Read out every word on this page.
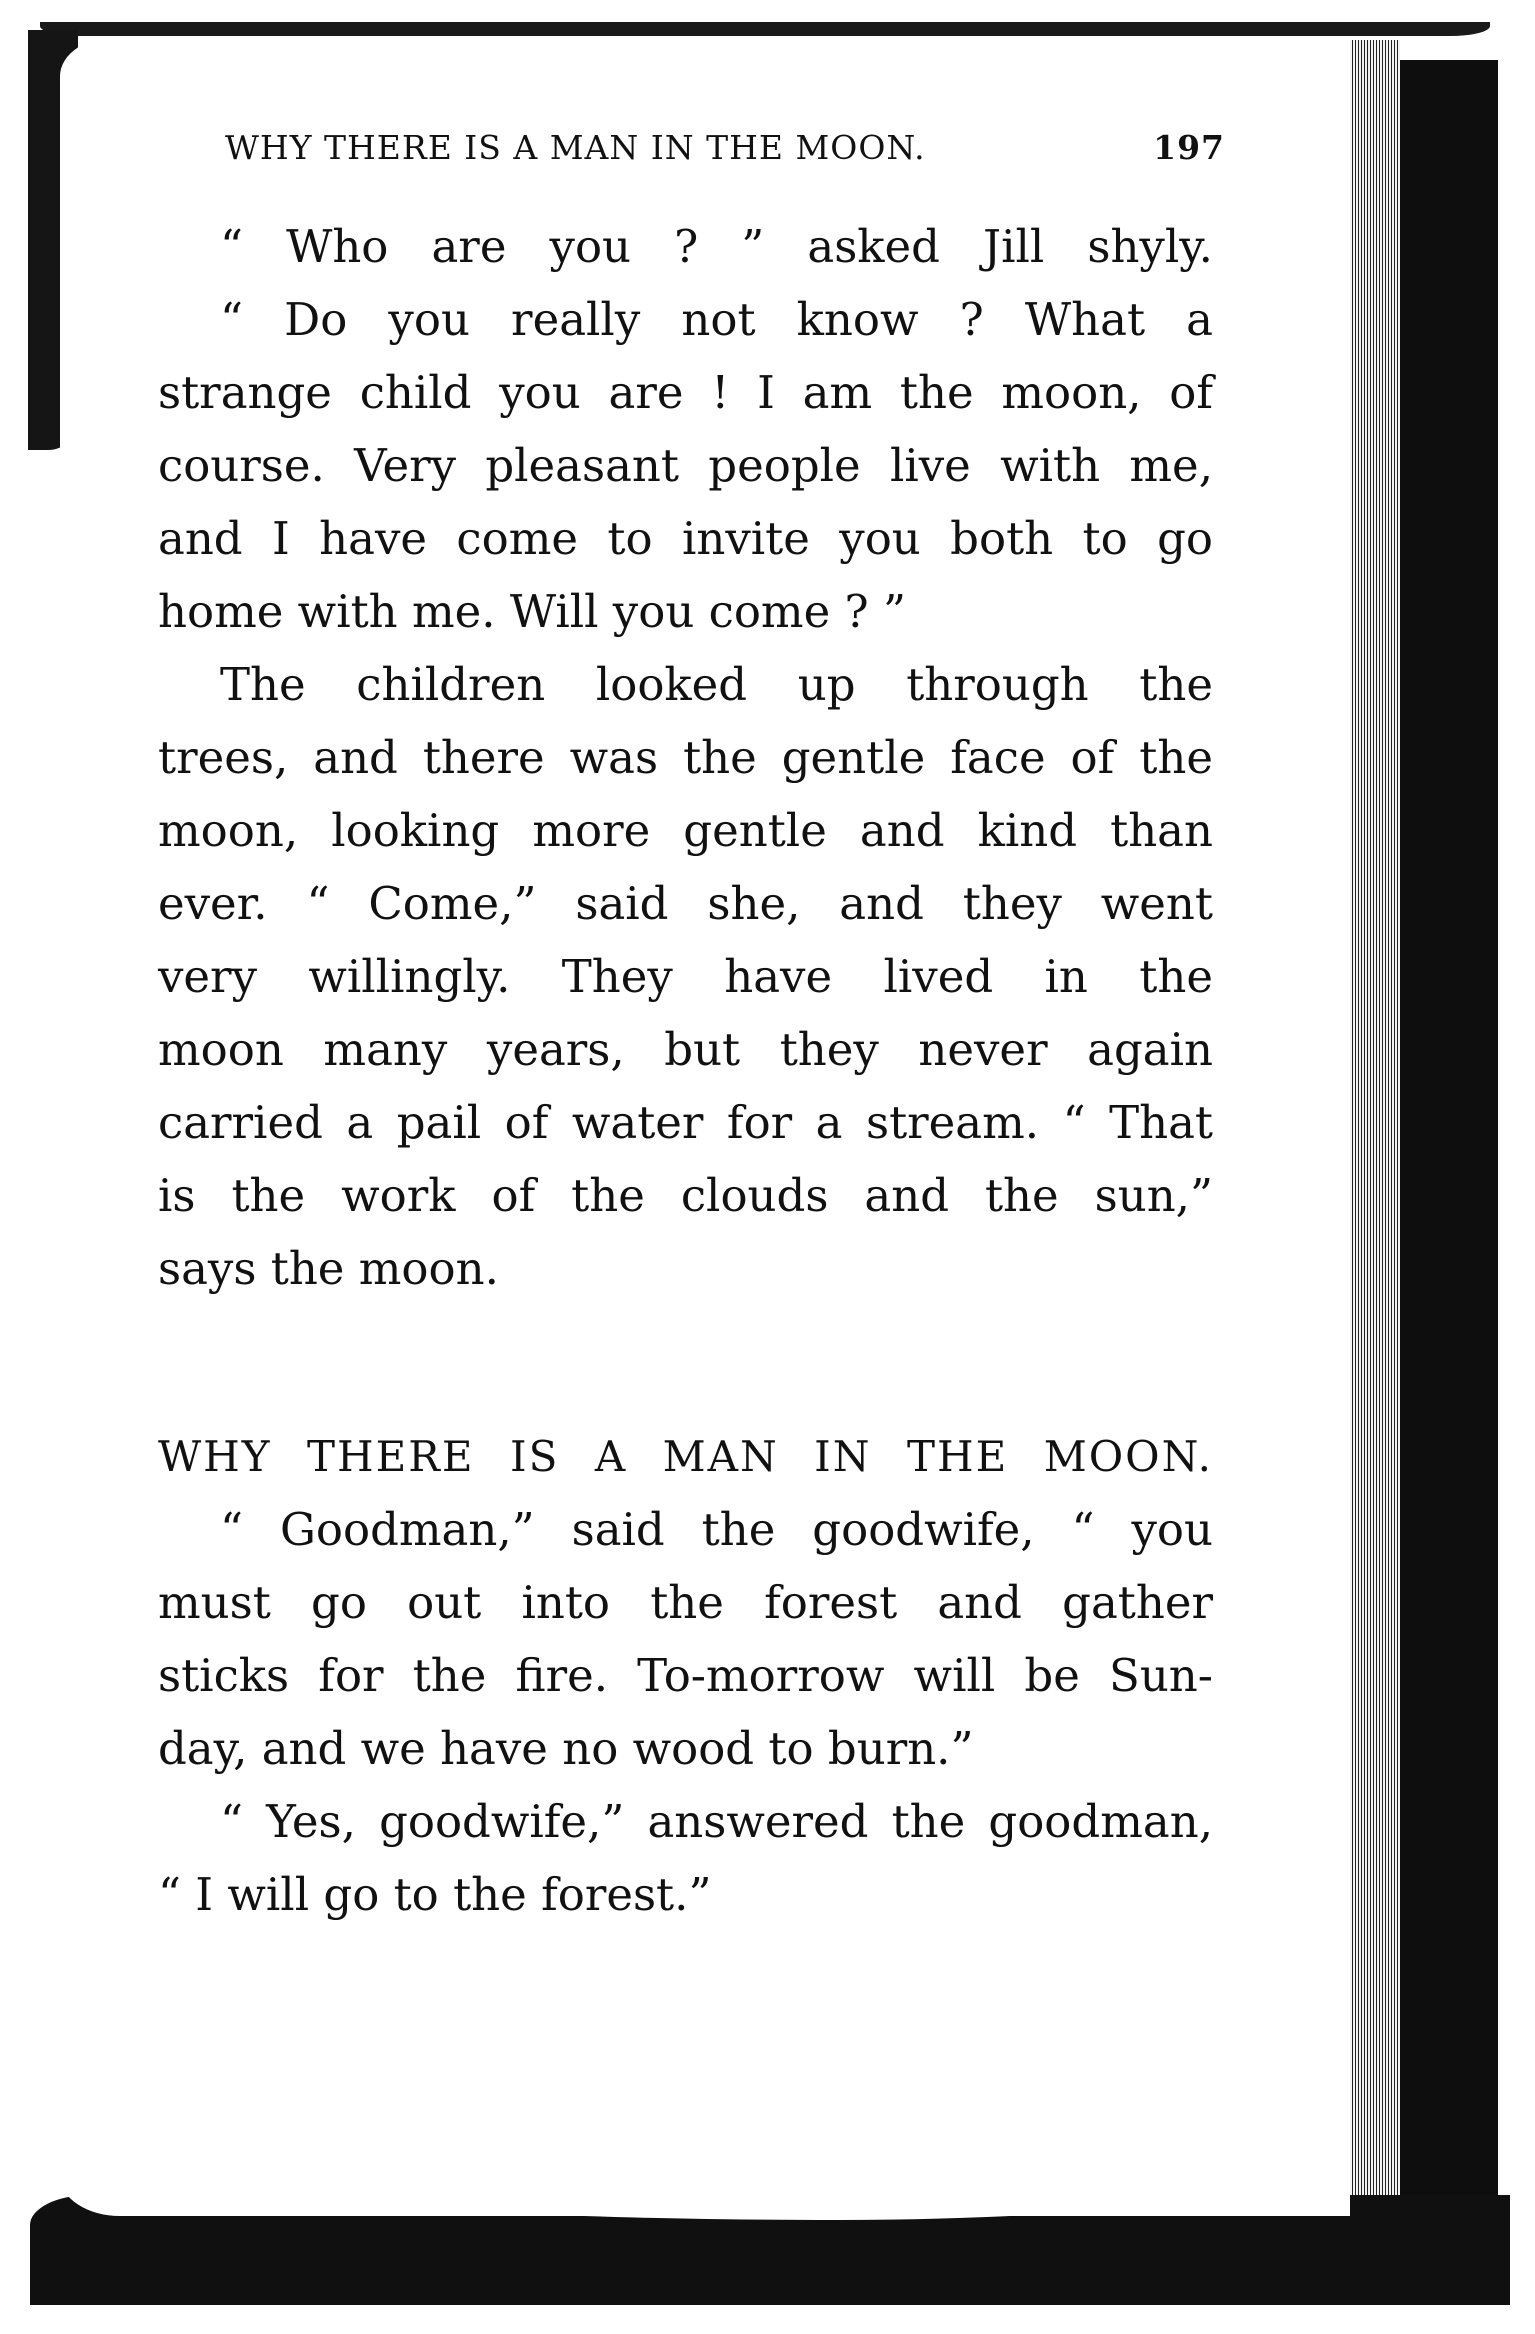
WHY THERE IS A MAN IN THE MOON.	197
“ Who are you ? ” asked Jill shyly.
“ Do you really not know ? What a
strange child you are ! I am the moon, of
course. Very pleasant people live with me,
and I have come to invite you both to go
home with me. Will you come ? ”
The children looked up through the
trees, and there was the gentle face of the
moon, looking more gentle and kind than
ever. “ Come,” said she, and they went
very willingly. They have lived in the
moon many years, but they never again
carried a pail of water for a stream. “ That
is the work of the clouds and the sun,”
says the moon.
WHY THERE IS A MAN IN THE MOON.
“ Goodman,” said the goodwife, “ you
must go out into the forest and gather
sticks for the fire. To-morrow will be Sun-
day, and we have no wood to burn.”
“ Yes, goodwife,” answered the goodman,
“ I will go to the forest.”
